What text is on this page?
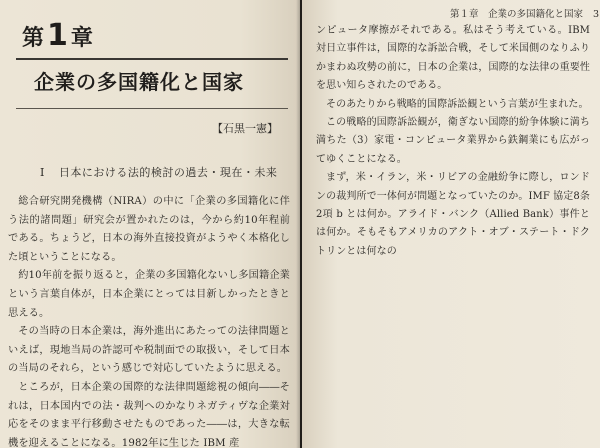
第1章
企業の多国籍化と国家
【石黒一憲】
Ⅰ 日本における法的検討の過去・現在・未来

総合研究開発機構（NIRA）の中に「企業の多国籍化に伴う法的諸問題」研究会が置かれたのは，今から約10年程前である。ちょうど，日本の海外直接投資がようやく本格化した頃ということになる。

約10年前を振り返ると，企業の多国籍化ないし多国籍企業という言葉自体が，日本企業にとっては目新しかったときと思える。

その当時の日本企業は，海外進出にあたっての法律問題といえば，現地当局の許認可や税制面での取扱い，そして日本の当局のそれら，という感じで対応していたように思える。

ところが，日本企業の国際的な法律問題総視の傾向――それは，日本国内での法・裁判へのかなりネガティヴな企業対応をそのまま平行移動させたものであった――は，大きな転機を迎えることになる。1982年に生じた IBM 産

第１章　企業の多国籍化と国家 3

ンピュータ摩擦がそれである。私はそう考えている。IBM 対日立事件は，国際的な訴訟合戦，そして米国側のなりふりかまわぬ攻勢の前に，日本の企業は，国際的な法律の重要性を思い知らされたのである。

そのあたりから戦略的国際訴訟観という言葉が生まれた。

この戦略的国際訴訟観が，衛ぎない国際的紛争体験に満ち満ちた（3）家電・コンピュータ業界から鉄鋼業にも広がってゆくことになる。

まず，米・イラン，米・リビアの金融紛争に際し，ロンドンの裁判所で一体何が問題となっていたのか。IMF 協定8条2項 b とは何か。アライド・バンク（Allied Bank）事件とは何か。そもそもアメリカのアクト・オブ・ステート・ドクトリンとは何なの
